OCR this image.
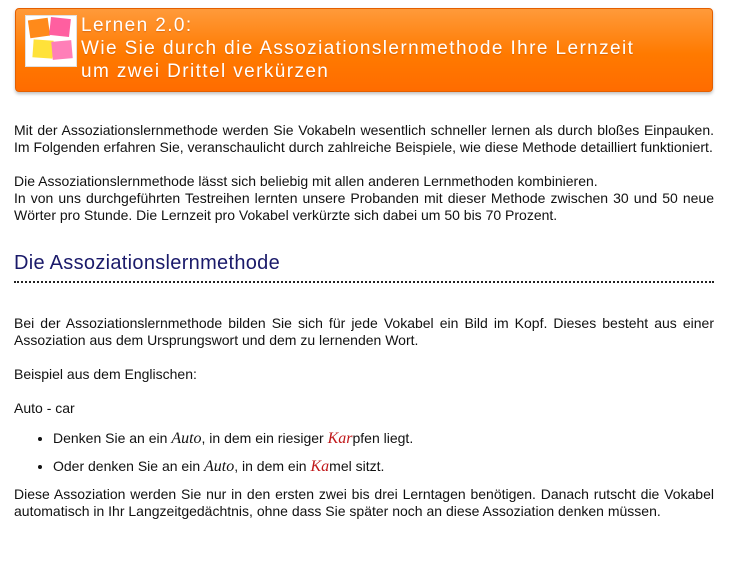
Lernen 2.0:
Wie Sie durch die Assoziationslernmethode Ihre Lernzeit
um zwei Drittel verkürzen

Mit der Assoziationslernmethode werden Sie Vokabeln wesentlich schneller lernen als durch bloßes Einpauken. Im Folgenden erfahren Sie, veranschaulicht durch zahlreiche Beispiele, wie diese Methode detailliert funktioniert.

Die Assoziationslernmethode lässt sich beliebig mit allen anderen Lernmethoden kombinieren.
In von uns durchgeführten Testreihen lernten unsere Probanden mit dieser Methode zwischen 30 und 50 neue Wörter pro Stunde. Die Lernzeit pro Vokabel verkürzte sich dabei um 50 bis 70 Prozent.

Die Assoziationslernmethode

Bei der Assoziationslernmethode bilden Sie sich für jede Vokabel ein Bild im Kopf. Dieses besteht aus einer Assoziation aus dem Ursprungswort und dem zu lernenden Wort.

Beispiel aus dem Englischen:

Auto - car

• Denken Sie an ein Auto, in dem ein riesiger Karpfen liegt.
• Oder denken Sie an ein Auto, in dem ein Kamel sitzt.

Diese Assoziation werden Sie nur in den ersten zwei bis drei Lerntagen benötigen. Danach rutscht die Vokabel automatisch in Ihr Langzeitgedächtnis, ohne dass Sie später noch an diese Assoziation denken müssen.
